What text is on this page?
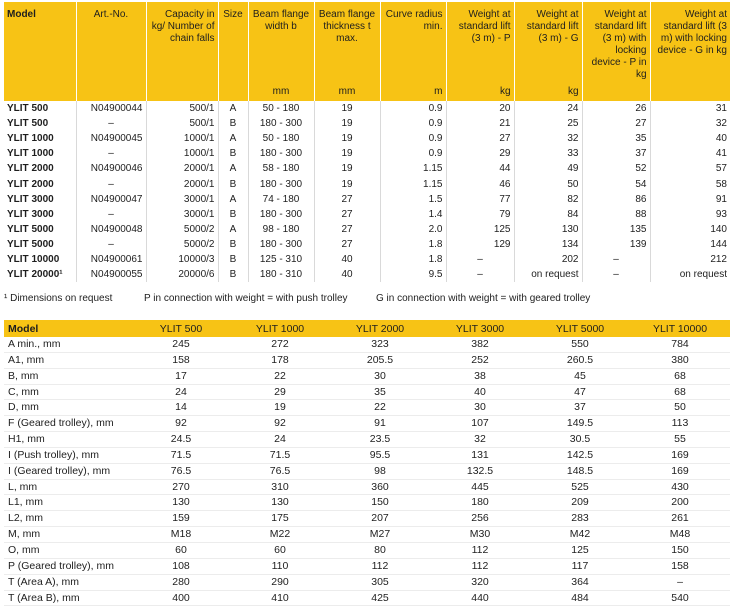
Model	Art.-No.	Capacity in kg/ Number of chain falls	Size	Beam flange width b	Beam flange thickness t max.	Curve radius min.	Weight at standard lift (3 m) - P	Weight at standard lift (3 m) - G	Weight at standard lift (3 m) with locking device - P in kg	Weight at standard lift (3 m) with locking device - G in kg
				mm	mm	m	kg	kg		
YLIT 500	N04900044	500/1	A	50 - 180	19	0.9	20	24	26	31
YLIT 500	–	500/1	B	180 - 300	19	0.9	21	25	27	32
YLIT 1000	N04900045	1000/1	A	50 - 180	19	0.9	27	32	35	40
YLIT 1000	–	1000/1	B	180 - 300	19	0.9	29	33	37	41
YLIT 2000	N04900046	2000/1	A	58 - 180	19	1.15	44	49	52	57
YLIT 2000	–	2000/1	B	180 - 300	19	1.15	46	50	54	58
YLIT 3000	N04900047	3000/1	A	74 - 180	27	1.5	77	82	86	91
YLIT 3000	–	3000/1	B	180 - 300	27	1.4	79	84	88	93
YLIT 5000	N04900048	5000/2	A	98 - 180	27	2.0	125	130	135	140
YLIT 5000	–	5000/2	B	180 - 300	27	1.8	129	134	139	144
YLIT 10000	N04900061	10000/3	B	125 - 310	40	1.8	–	202	–	212
YLIT 20000¹	N04900055	20000/6	B	180 - 310	40	9.5	–	on request	–	on request
¹ Dimensions on request	P in connection with weight = with push trolley	G in connection with weight = with geared trolley
Model	YLIT 500	YLIT 1000	YLIT 2000	YLIT 3000	YLIT 5000	YLIT 10000
A min., mm	245	272	323	382	550	784
A1, mm	158	178	205.5	252	260.5	380
B, mm	17	22	30	38	45	68
C, mm	24	29	35	40	47	68
D, mm	14	19	22	30	37	50
F (Geared trolley), mm	92	92	91	107	149.5	113
H1, mm	24.5	24	23.5	32	30.5	55
I (Push trolley), mm	71.5	71.5	95.5	131	142.5	169
I (Geared trolley), mm	76.5	76.5	98	132.5	148.5	169
L, mm	270	310	360	445	525	430
L1, mm	130	130	150	180	209	200
L2, mm	159	175	207	256	283	261
M, mm	M18	M22	M27	M30	M42	M48
O, mm	60	60	80	112	125	150
P (Geared trolley), mm	108	110	112	112	117	158
T (Area A), mm	280	290	305	320	364	–
T (Area B), mm	400	410	425	440	484	540
